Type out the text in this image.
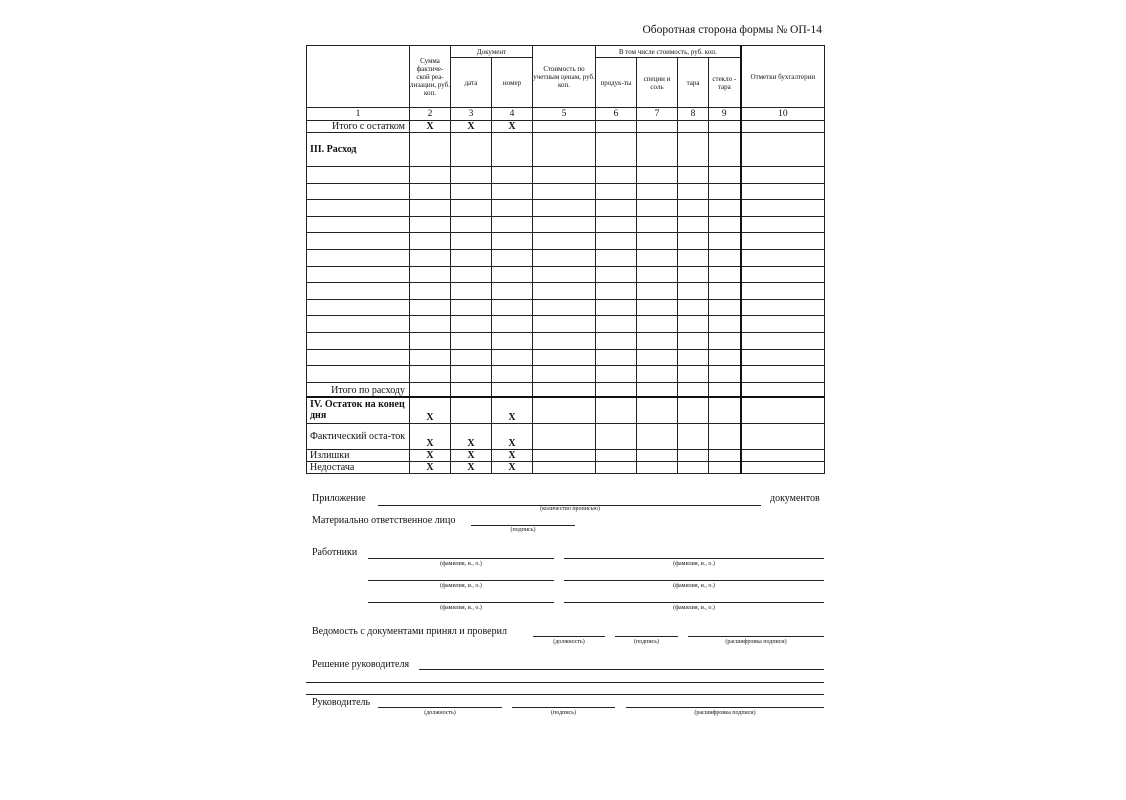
Оборотная сторона формы № ОП-14
	Сумма фактиче-ской реа-лизации, руб. коп.	Документ		Стоимость по учетным ценам, руб. коп.	В том числе стоимость, руб. коп.				Отметки бухгалтерии
		дата	номер		продук-ты	специи и соль	тара	стекло - тара	
1	2	3	4	5	6	7	8	9	10
Итого с остатком	X	X	X						
III. Расход									

Итого по расходу									
IV. Остаток на конец дня	X		X						
Фактический оста-ток	X	X	X						
Излишки	X	X	X						
Недостача	X	X	X						
Приложение	документов
(количество прописью)
Материально ответственное лицо
(подпись)
Работники
(фамилия, и., о.)	(фамилия, и., о.)
(фамилия, и., о.)	(фамилия, и., о.)
(фамилия, и., о.)	(фамилия, и., о.)
Ведомость с документами принял и проверил
(должность)	(подпись)	(расшифровка подписи)
Решение руководителя
Руководитель
(должность)	(подпись)	(расшифровка подписи)
